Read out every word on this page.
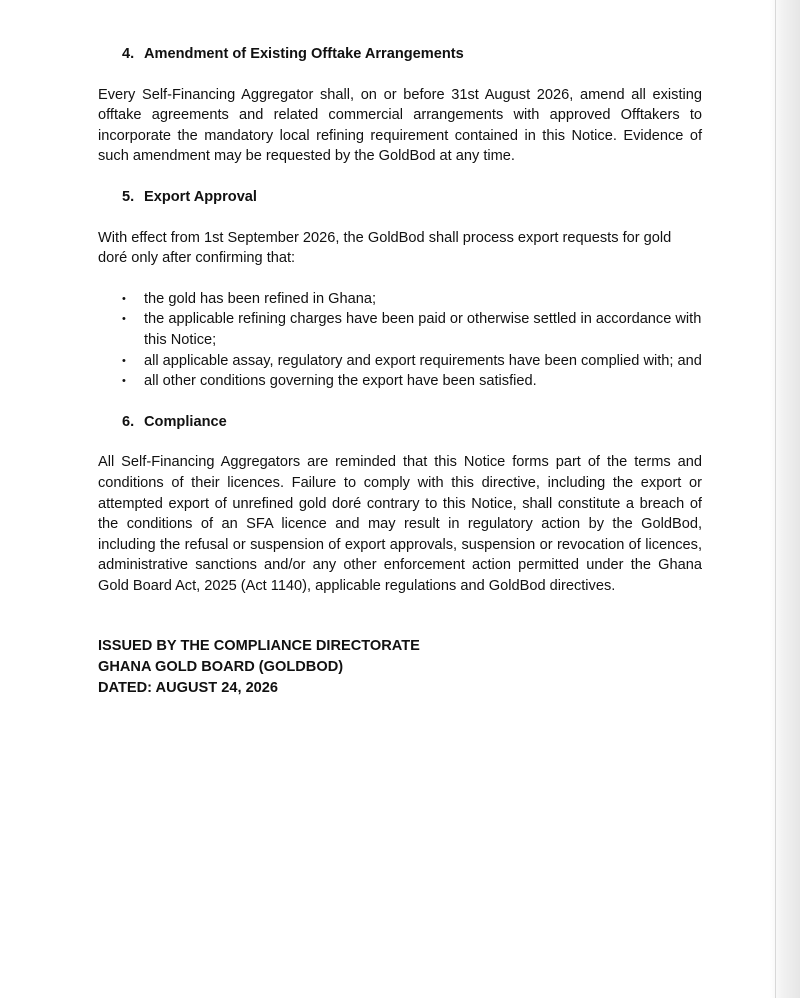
4. Amendment of Existing Offtake Arrangements

Every Self-Financing Aggregator shall, on or before 31st August 2026, amend all existing offtake agreements and related commercial arrangements with approved Offtakers to incorporate the mandatory local refining requirement contained in this Notice. Evidence of such amendment may be requested by the GoldBod at any time.

5. Export Approval

With effect from 1st September 2026, the GoldBod shall process export requests for gold doré only after confirming that:

•	the gold has been refined in Ghana;
•	the applicable refining charges have been paid or otherwise settled in accordance with this Notice;
•	all applicable assay, regulatory and export requirements have been complied with; and
•	all other conditions governing the export have been satisfied.
6. Compliance

All Self-Financing Aggregators are reminded that this Notice forms part of the terms and conditions of their licences. Failure to comply with this directive, including the export or attempted export of unrefined gold doré contrary to this Notice, shall constitute a breach of the conditions of an SFA licence and may result in regulatory action by the GoldBod, including the refusal or suspension of export approvals, suspension or revocation of licences, administrative sanctions and/or any other enforcement action permitted under the Ghana Gold Board Act, 2025 (Act 1140), applicable regulations and GoldBod directives.

ISSUED BY THE COMPLIANCE DIRECTORATE
GHANA GOLD BOARD (GOLDBOD)
DATED: AUGUST 24, 2026
